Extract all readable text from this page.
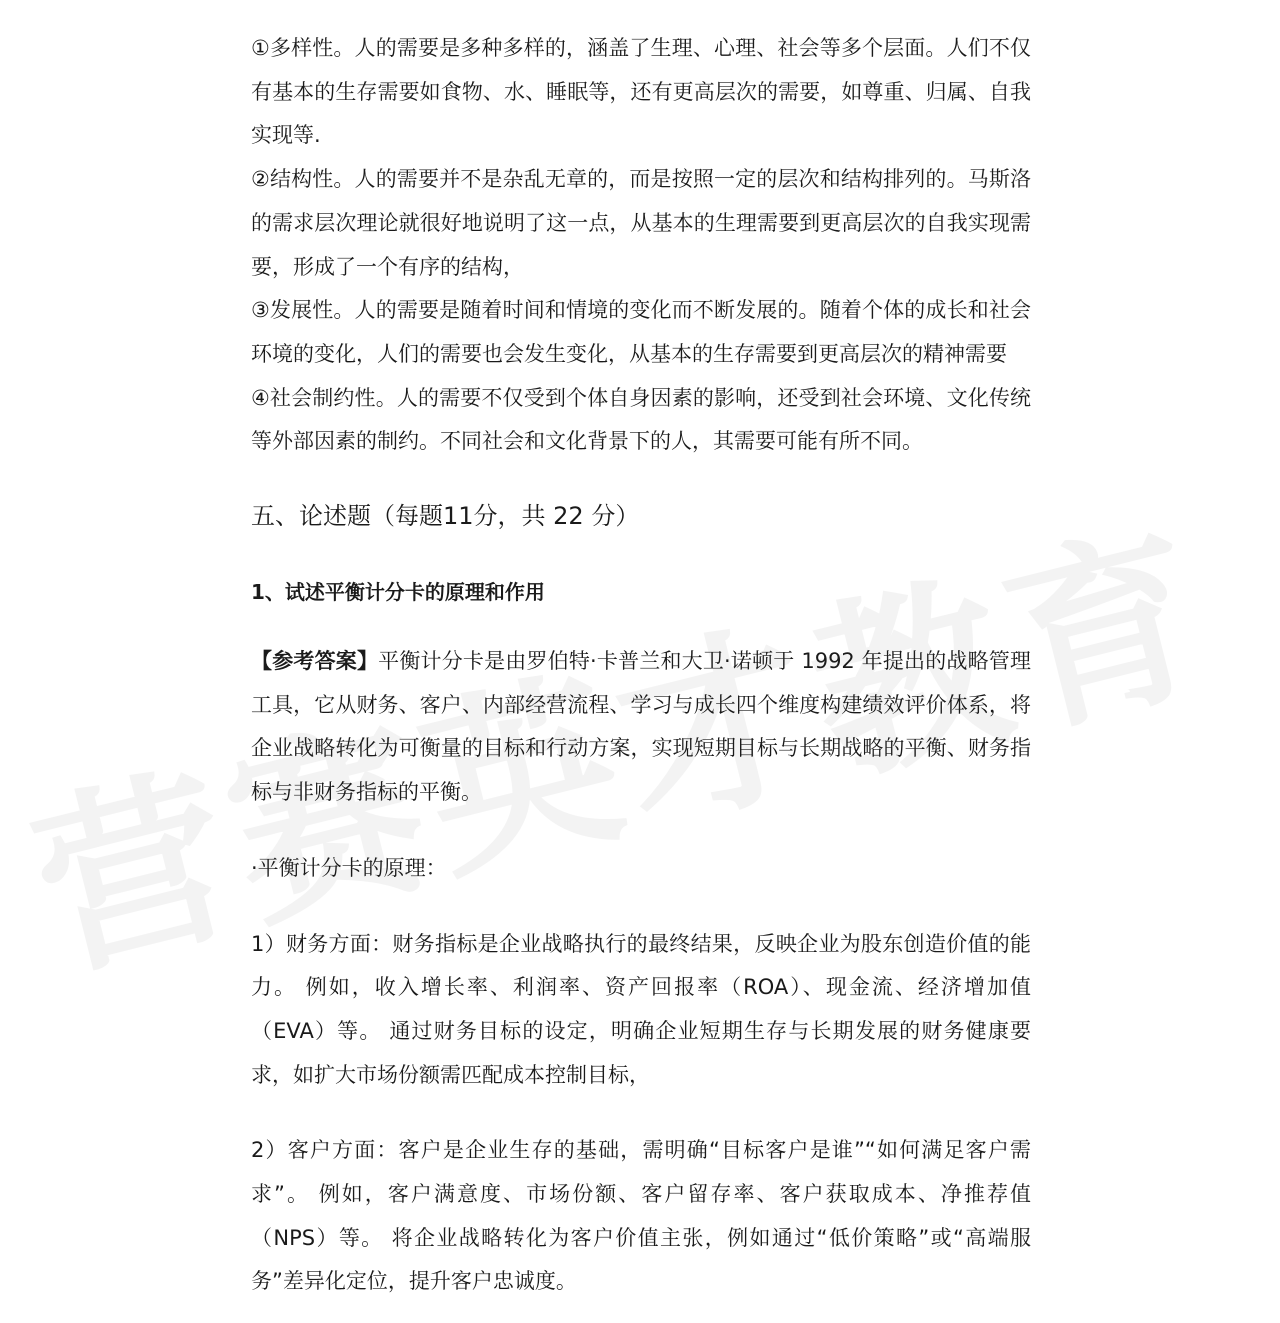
①多样性。人的需要是多种多样的，涵盖了生理、心理、社会等多个层面。人们不仅有基本的生存需要如食物、水、睡眠等，还有更高层次的需要，如尊重、归属、自我实现等.

②结构性。人的需要并不是杂乱无章的，而是按照一定的层次和结构排列的。马斯洛的需求层次理论就很好地说明了这一点，从基本的生理需要到更高层次的自我实现需要，形成了一个有序的结构，

③发展性。人的需要是随着时间和情境的变化而不断发展的。随着个体的成长和社会环境的变化，人们的需要也会发生变化，从基本的生存需要到更高层次的精神需要

④社会制约性。人的需要不仅受到个体自身因素的影响，还受到社会环境、文化传统等外部因素的制约。不同社会和文化背景下的人，其需要可能有所不同。

五、论述题（每题11分，共 22 分）

1、试述平衡计分卡的原理和作用

【参考答案】平衡计分卡是由罗伯特·卡普兰和大卫·诺顿于 1992 年提出的战略管理工具，它从财务、客户、内部经营流程、学习与成长四个维度构建绩效评价体系，将企业战略转化为可衡量的目标和行动方案，实现短期目标与长期战略的平衡、财务指标与非财务指标的平衡。

·平衡计分卡的原理：

1）财务方面：财务指标是企业战略执行的最终结果，反映企业为股东创造价值的能力。 例如，收入增长率、利润率、资产回报率（ROA）、现金流、经济增加值（EVA）等。 通过财务目标的设定，明确企业短期生存与长期发展的财务健康要求，如扩大市场份额需匹配成本控制目标，

2）客户方面：客户是企业生存的基础，需明确“目标客户是谁”“如何满足客户需求”。 例如，客户满意度、市场份额、客户留存率、客户获取成本、净推荐值（NPS）等。 将企业战略转化为客户价值主张，例如通过“低价策略”或“高端服务”差异化定位，提升客户忠诚度。
